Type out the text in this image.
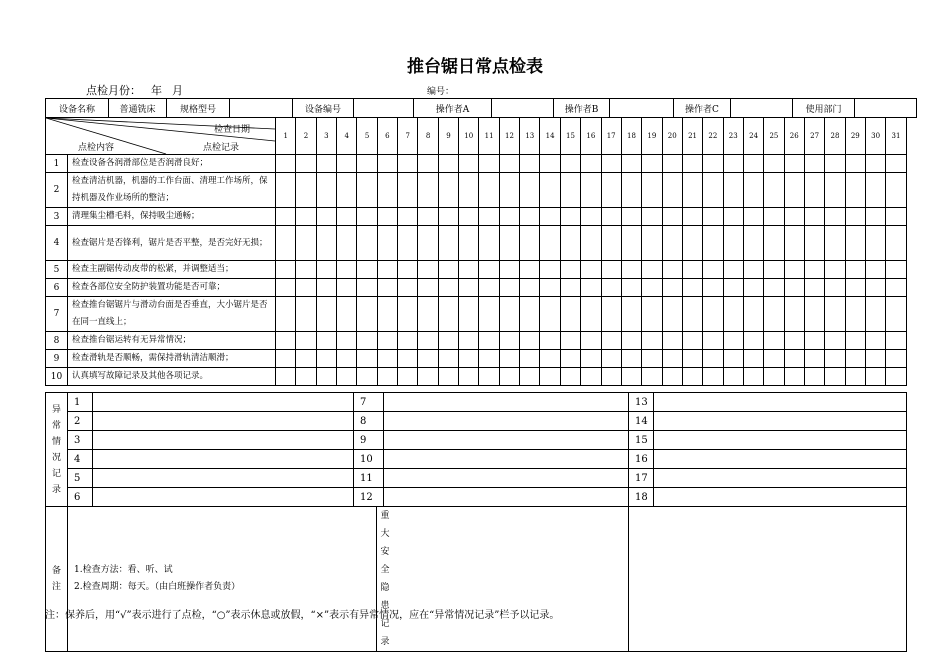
推台锯日常点检表
点检月份： 年 月	编号：
设备名称	普通铣床	规格型号		设备编号		操作者A		操作者B		操作者C		使用部门	
检查日期
点检内容 点检记录		1	2	3	4	5	6	7	8	9	10	11	12	13	14	15	16	17	18	19	20	21	22	23	24	25	26	27	28	29	30	31
1	检查设备各润滑部位是否润滑良好；																															
2	检查清洁机器，机器的工作台面、清理工作场所，保持机器及作业场所的整洁；																															
3	清理集尘槽毛料，保持吸尘通畅；																															
4	检查锯片是否锋利，锯片是否平整，是否完好无损；																															
5	检查主副锯传动皮带的松紧，并调整适当；																															
6	检查各部位安全防护装置功能是否可靠；																															
7	检查推台锯锯片与滑动台面是否垂直，大小锯片是否在同一直线上；																															
8	检查推台锯运转有无异常情况；																															
9	检查滑轨是否顺畅，需保持滑轨清洁顺滑；																															
10	认真填写故障记录及其他各项记录。																															
异常情况记录	1		7			13	
	2		8			14	
	3		9			15	
	4		10			16	
	5		11			17	
	6		12			18	

备注	1.检查方法：看、听、试
2.检查周期：每天。（由白班操作者负责）			重大安全隐患记录			

注：保养后，用“√”表示进行了点检，“○”表示休息或放假，“×”表示有异常情况，应在“异常情况记录”栏予以记录。
